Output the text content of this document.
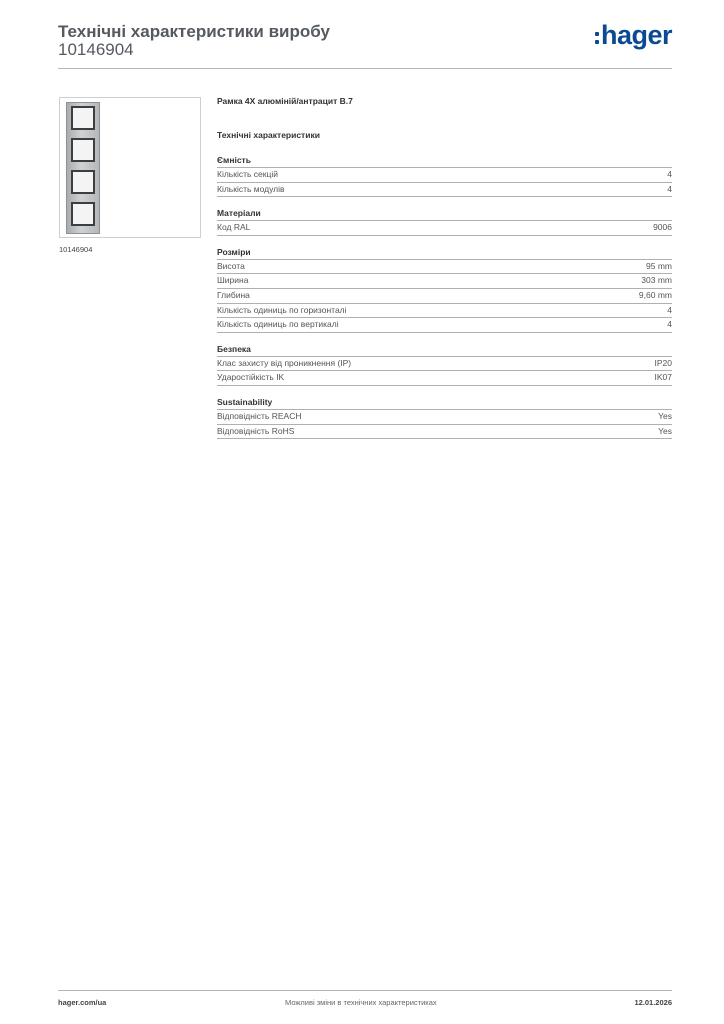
Технічні характеристики виробу
10146904	hager
10146904
Рамка 4X алюміній/антрацит B.7
Технічні характеристики
Ємність
Кількість секцій	4
Кількість модулів	4
Матеріали
Код RAL	9006
Розміри
Висота	95 mm
Ширина	303 mm
Глибина	9,60 mm
Кількість одиниць по горизонталі	4
Кількість одиниць по вертикалі	4
Безпека
Клас захисту від проникнення (IP)	IP20
Ударостійкість IK	IK07
Sustainability
Відповідність REACH	Yes
Відповідність RoHS	Yes
hager.com/ua	Можливі зміни в технічних характеристиках	12.01.2026
